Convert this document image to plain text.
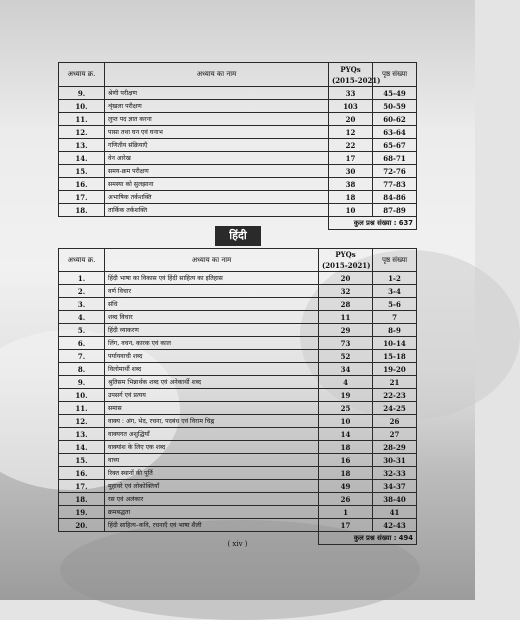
अध्याय क्र.	अध्याय का नाम	PYQs
(2015-2021)	पृष्ठ संख्या
9.	श्रेणी परीक्षण	33	45-49
10.	शृंखला परीक्षण	103	50-59
11.	लुप्त पद ज्ञात करना	20	60-62
12.	पासा तथा घन एवं घनाभ	12	63-64
13.	गणितीय संक्रियाएँ	22	65-67
14.	वेन आरेख	17	68-71
15.	समय-क्रम परीक्षण	30	72-76
16.	समस्या को सुलझाना	38	77-83
17.	अभाषिक तर्कशक्ति	18	84-86
18.	तार्किक तर्कशक्ति	10	87-89
		कुल प्रश्न संख्या : 637	
हिंदी
अध्याय क्र.	अध्याय का नाम	PYQs
(2015-2021)	पृष्ठ संख्या
1.	हिंदी भाषा का विकास एवं हिंदी साहित्य का इतिहास	20	1-2
2.	वर्ण विचार	32	3-4
3.	संधि	28	5-6
4.	शब्द विचार	11	7
5.	हिंदी व्याकरण	29	8-9
6.	लिंग, वचन, कारक एवं काल	73	10-14
7.	पर्यायवाची शब्द	52	15-18
8.	विलोमार्थी शब्द	34	19-20
9.	श्रुतिसम भिन्नार्थक शब्द एवं अनेकार्थी शब्द	4	21
10.	उपसर्ग एवं प्रत्यय	19	22-23
11.	समास	25	24-25
12.	वाक्य : अंग, भेद, रचना, पदबंध एवं विराम चिह्न	10	26
13.	वाक्यगत अशुद्धियाँ	14	27
14.	वाक्यांश के लिए एक शब्द	18	28-29
15.	वाच्य	16	30-31
16.	रिक्त स्थानों की पूर्ति	18	32-33
17.	मुहावरे एवं लोकोक्तियाँ	49	34-37
18.	रस एवं अलंकार	26	38-40
19.	क्रमबद्धता	1	41
20.	हिंदी साहित्य–कवि, रचनाएँ एवं भाषा शैली	17	42-43
		कुल प्रश्न संख्या : 494	
( xiv )
